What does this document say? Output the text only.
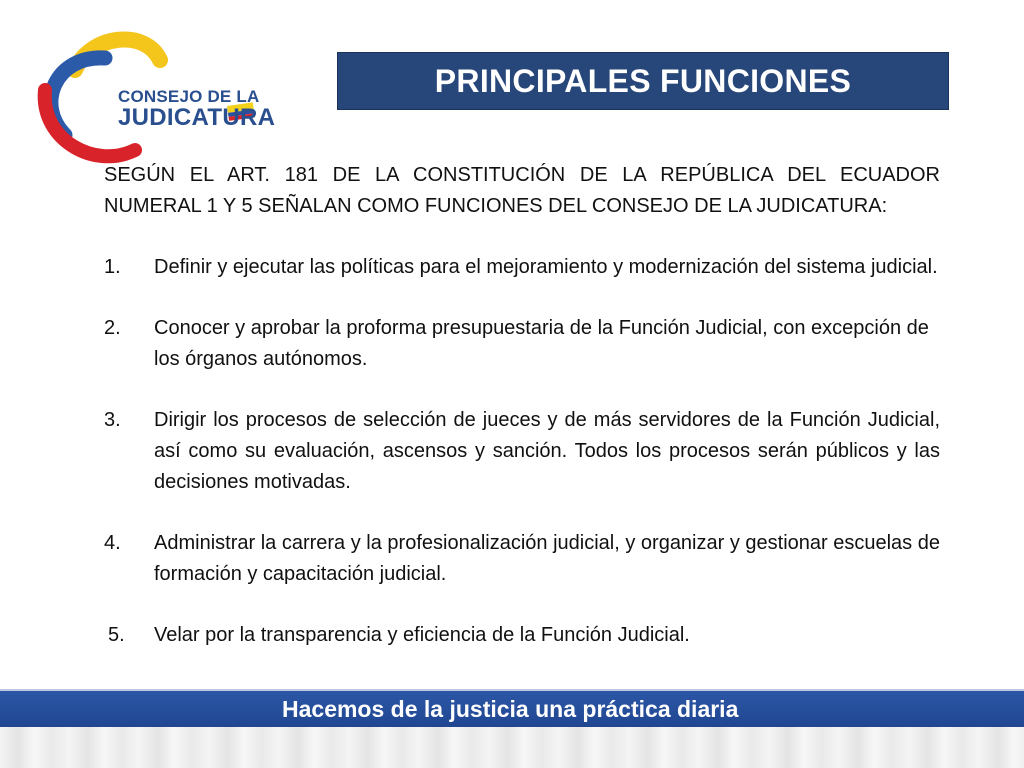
CONSEJO DE LA
JUDICATURA
PRINCIPALES FUNCIONES

SEGÚN EL ART. 181 DE LA CONSTITUCIÓN DE LA REPÚBLICA DEL ECUADOR NUMERAL 1 Y 5 SEÑALAN COMO FUNCIONES DEL CONSEJO DE LA JUDICATURA:

1. Definir y ejecutar las políticas para el mejoramiento y modernización del sistema judicial.
2. Conocer y aprobar la proforma presupuestaria de la Función Judicial, con excepción de los órganos autónomos.
3. Dirigir los procesos de selección de jueces y de más servidores de la Función Judicial, así como su evaluación, ascensos y sanción. Todos los procesos serán públicos y las decisiones motivadas.
4. Administrar la carrera y la profesionalización judicial, y organizar y gestionar escuelas de formación y capacitación judicial.
5. Velar por la transparencia y eficiencia de la Función Judicial.
Hacemos de la justicia una práctica diaria
